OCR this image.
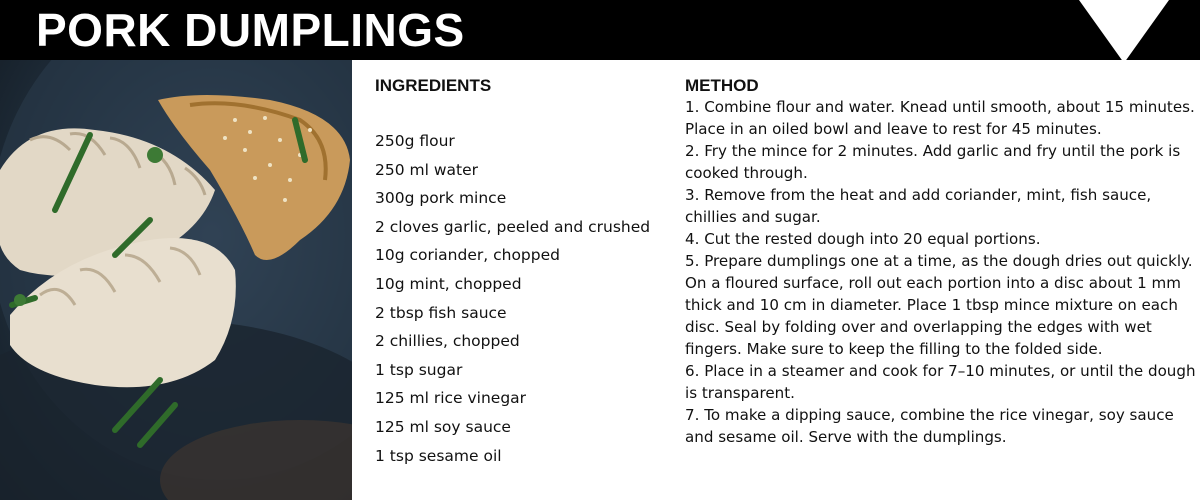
PORK DUMPLINGS
INGREDIENTS
250g flour
250 ml water
300g pork mince
2 cloves garlic, peeled and crushed
10g coriander, chopped
10g mint, chopped
2 tbsp fish sauce
2 chillies, chopped
1 tsp sugar
125 ml rice vinegar
125 ml soy sauce
1 tsp sesame oil
METHOD

1. Combine flour and water. Knead until smooth, about 15 minutes. Place in an oiled bowl and leave to rest for 45 minutes.

2. Fry the mince for 2 minutes. Add garlic and fry until the pork is cooked through.

3. Remove from the heat and add coriander, mint, fish sauce, chillies and sugar.

4. Cut the rested dough into 20 equal portions.

5. Prepare dumplings one at a time, as the dough dries out quickly. On a floured surface, roll out each portion into a disc about 1 mm thick and 10 cm in diameter. Place 1 tbsp mince mixture on each disc. Seal by folding over and overlapping the edges with wet fingers. Make sure to keep the filling to the folded side.

6. Place in a steamer and cook for 7–10 minutes, or until the dough is transparent.

7. To make a dipping sauce, combine the rice vinegar, soy sauce and sesame oil. Serve with the dumplings.
